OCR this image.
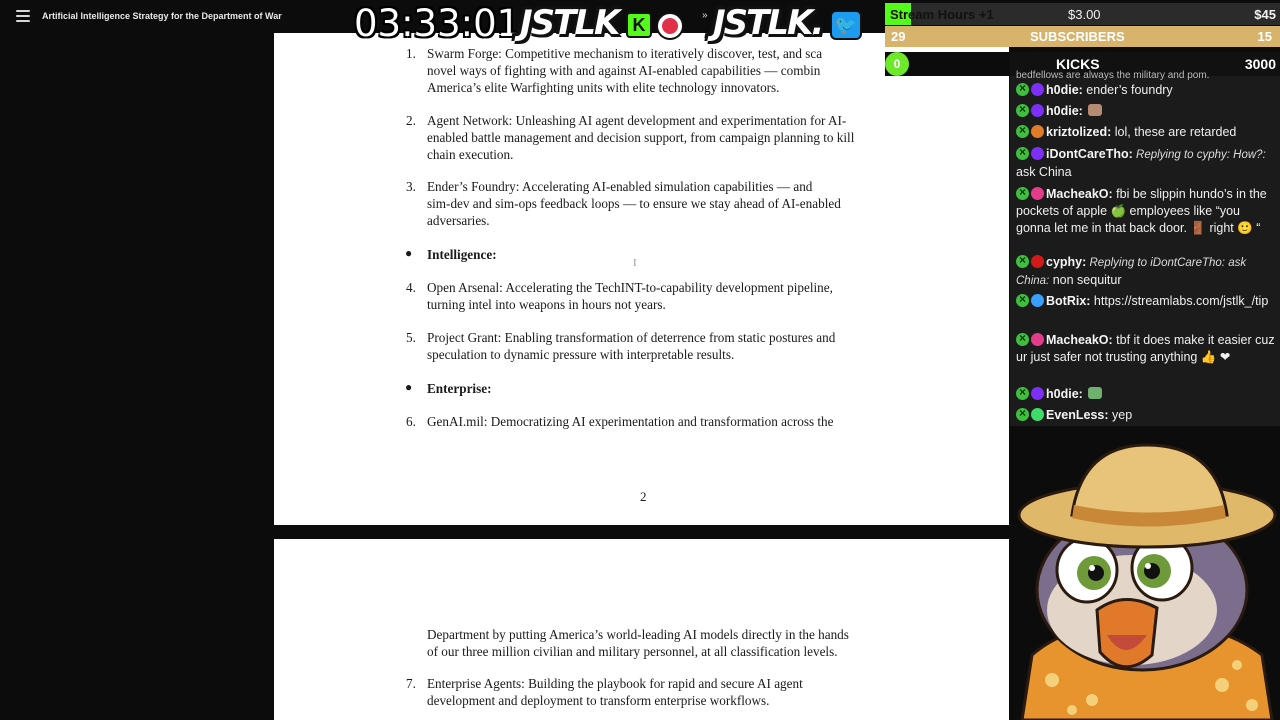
Artificial Intelligence Strategy for the Department of War
1. Swarm Forge: Competitive mechanism to iteratively discover, test, and sca
novel ways of fighting with and against AI-enabled capabilities — combin
America’s elite Warfighting units with elite technology innovators.
2. Agent Network: Unleashing AI agent development and experimentation for AI-
enabled battle management and decision support, from campaign planning to kill
chain execution.
3. Ender’s Foundry: Accelerating AI-enabled simulation capabilities — and
sim-dev and sim-ops feedback loops — to ensure we stay ahead of AI-enabled
adversaries.
● Intelligence:
I
4. Open Arsenal: Accelerating the TechINT-to-capability development pipeline,
turning intel into weapons in hours not years.
5. Project Grant: Enabling transformation of deterrence from static postures and
speculation to dynamic pressure with interpretable results.
● Enterprise:
6. GenAI.mil: Democratizing AI experimentation and transformation across the
2
Department by putting America’s world-leading AI models directly in the hands
of our three million civilian and military personnel, at all classification levels.
7. Enterprise Agents: Building the playbook for rapid and secure AI agent
development and deployment to transform enterprise workflows.
03:33:01 JSTLK K	» JSTLK. 🐦
Stream Hours +1	$3.00	$45
29	SUBSCRIBERS	15
0	KICKS	3000
bedfellows are always the military and pom.
×h0die: ender’s foundry
×h0die:
×kriztolized: lol, these are retarded
×iDontCareTho: Replying to cyphy: How?: ask China
×MacheakO: fbi be slippin hundo’s in the pockets of apple 🍏 employees like “you gonna let me in that back door. 🚪 right 🙂 “
×cyphy: Replying to iDontCareTho: ask China: non sequitur
×BotRix: https://streamlabs.com/jstlk_/tip
×MacheakO: tbf it does make it easier cuz ur just safer not trusting anything 👍 ❤
×h0die:
×EvenLess: yep
